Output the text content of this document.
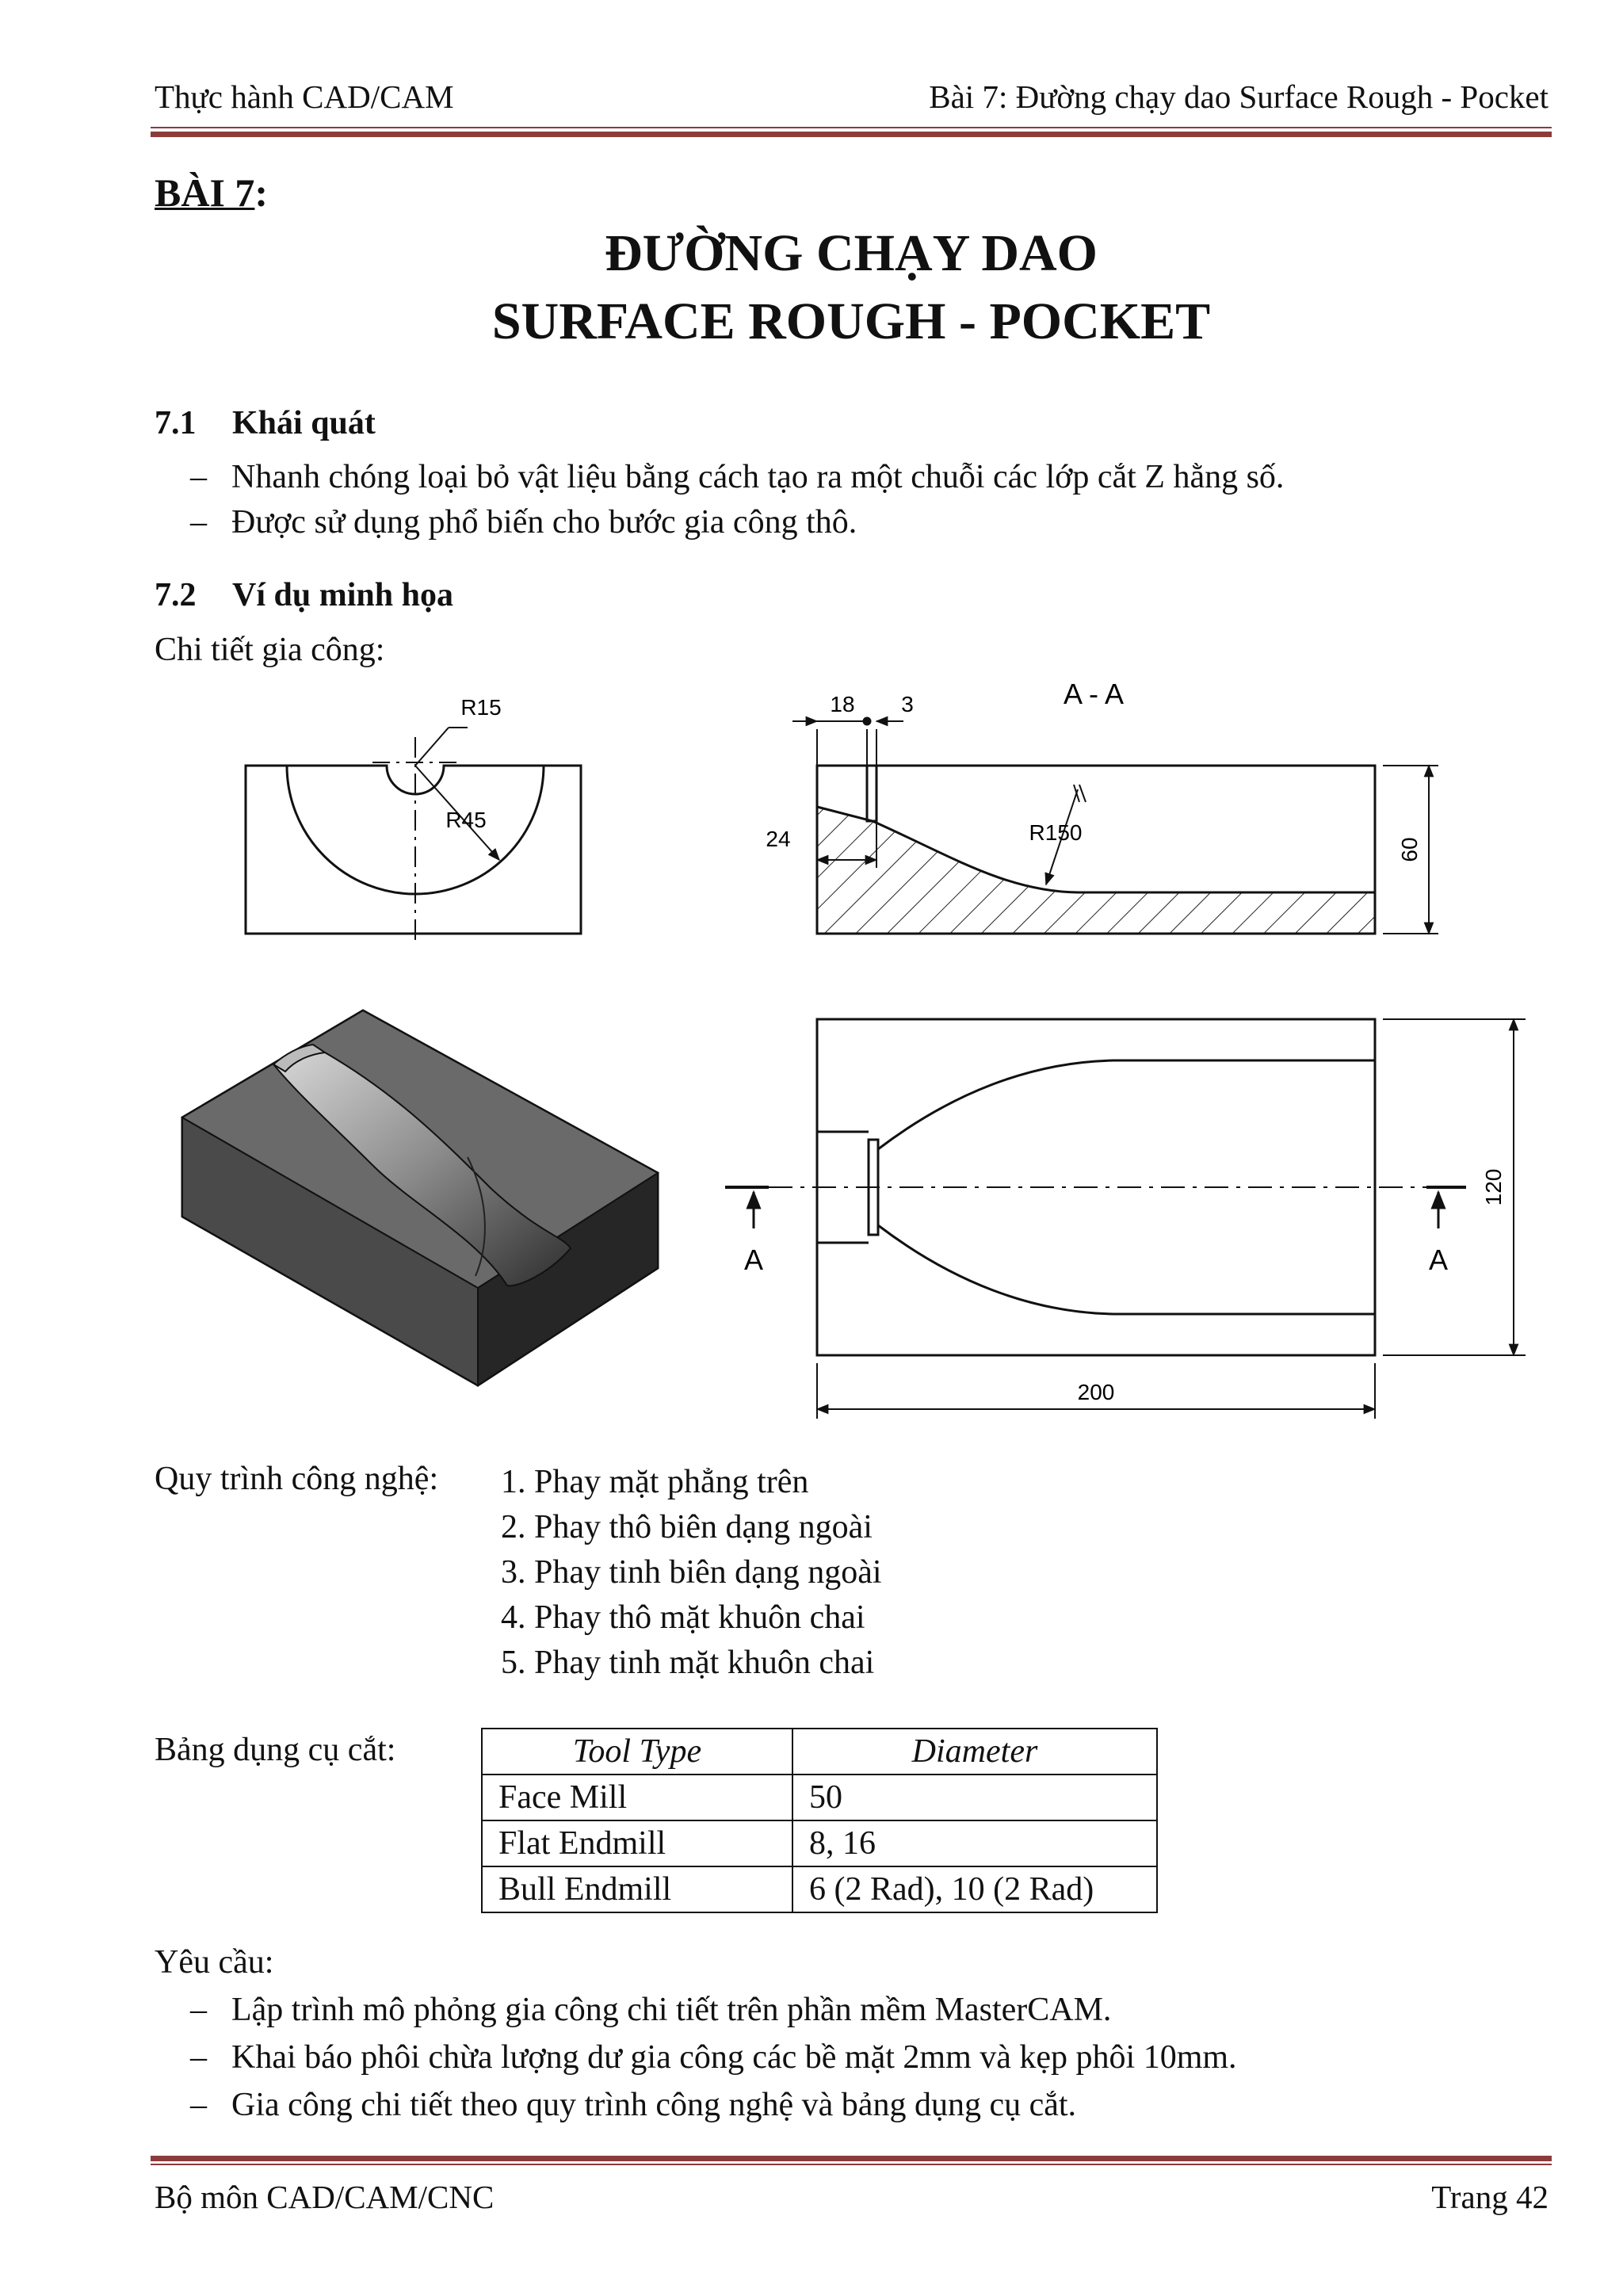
Thực hành CAD/CAM	Bài 7: Đường chạy dao Surface Rough - Pocket
BÀI 7:
ĐƯỜNG CHẠY DAO
SURFACE ROUGH - POCKET
7.1 Khái quát
– Nhanh chóng loại bỏ vật liệu bằng cách tạo ra một chuỗi các lớp cắt Z hằng số.
– Được sử dụng phổ biến cho bước gia công thô.
7.2 Ví dụ minh họa
Chi tiết gia công:
R15
R45
A - A
18 3
24	R150
60
A	A
120
200
Quy trình công nghệ: 1. Phay mặt phẳng trên
2. Phay thô biên dạng ngoài
3. Phay tinh biên dạng ngoài
4. Phay thô mặt khuôn chai
5. Phay tinh mặt khuôn chai
Bảng dụng cụ cắt:	Tool Type	Diameter
Face Mill	50
Flat Endmill	8, 16
Bull Endmill	6 (2 Rad), 10 (2 Rad)
Yêu cầu:
– Lập trình mô phỏng gia công chi tiết trên phần mềm MasterCAM.
– Khai báo phôi chừa lượng dư gia công các bề mặt 2mm và kẹp phôi 10mm.
– Gia công chi tiết theo quy trình công nghệ và bảng dụng cụ cắt.
Bộ môn CAD/CAM/CNC	Trang 42
